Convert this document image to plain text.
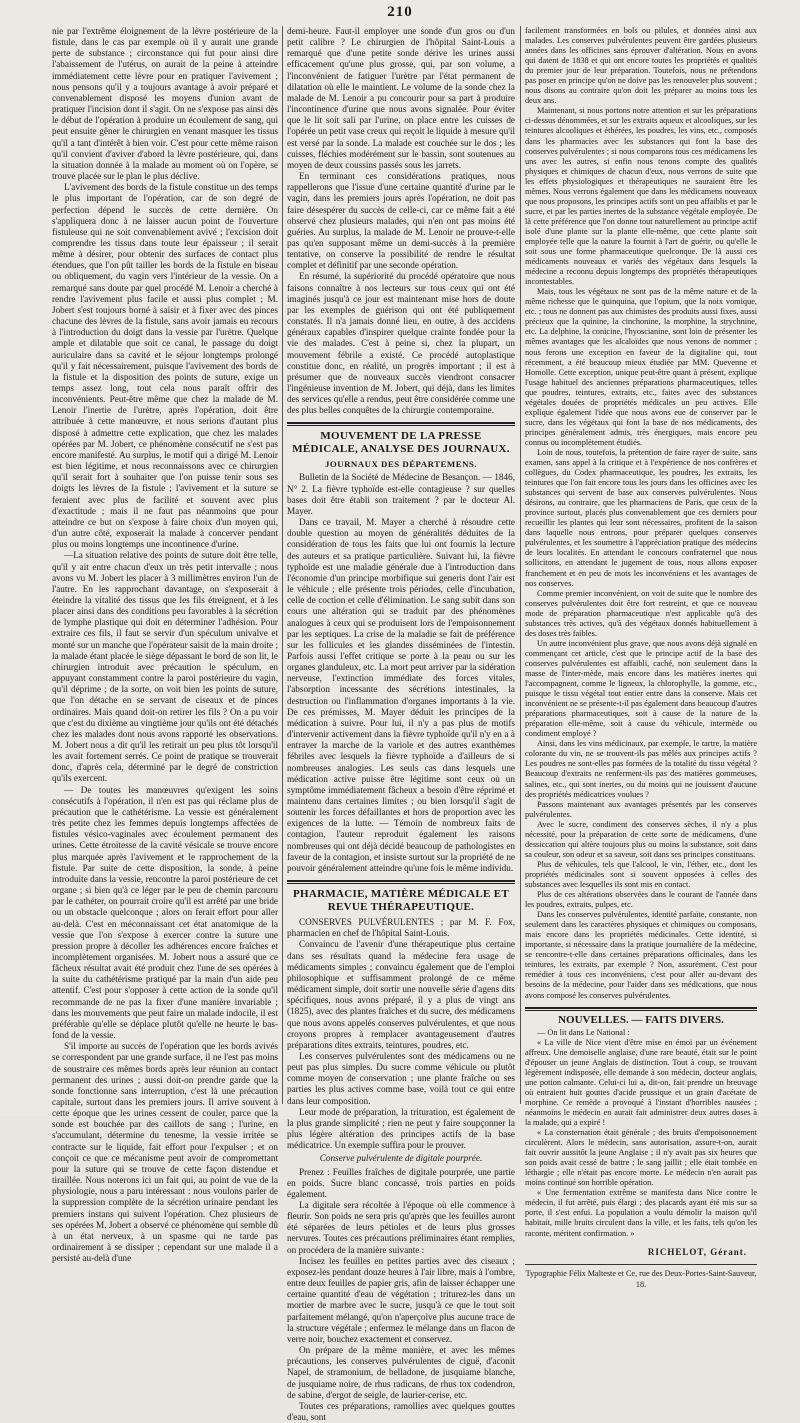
210

nie par l'extrême éloignement de la lèvre postérieure de la fistule, dans le cas par exemple où il y aurait une grande perte de substance ; circonstance qui fut pour ainsi dire l'abaissement de l'utérus, on aurait de la peine à atteindre immédiatement cette lèvre pour en pratiquer l'avivement ; nous pensons qu'il y a toujours avantage à avoir préparé et convenablement disposé les moyens d'union avant de pratiquer l'incision dont il s'agit. On ne s'expose pas ainsi dès le début de l'opération à produire un écoulement de sang, qui peut ensuite gêner le chirurgien en venant masquer les tissus qu'il a tant d'intérêt à bien voir. C'est pour cette même raison qu'il convient d'aviver d'abord la lèvre postérieure, qui, dans la situation donnée à la malade au moment où on l'opère, se trouve placée sur le plan le plus déclive.

L'avivement des bords de la fistule constitue un des temps le plus important de l'opération, car de son degré de perfection dépend le succès de cette dernière. On s'appliquera donc à ne laisser aucun point de l'ouverture fistuleuse qui ne soit convenablement avivé ; l'excision doit comprendre les tissus dans toute leur épaisseur ; il serait même à désirer, pour obtenir des surfaces de contact plus étendues, que l'on pût tailler les bords de la fistule en biseau ou obliquement, du vagin vers l'intérieur de la vessie. On a remarqué sans doute par quel procédé M. Lenoir a cherché à rendre l'avivement plus facile et aussi plus complet ; M. Jobert s'est toujours borné à saisir et à fixer avec des pinces chacune des lèvres de la fistule, sans avoir jamais eu recours à l'introduction du doigt dans la vessie par l'urètre. Quelque ample et dilatable que soit ce canal, le passage du doigt auriculaire dans sa cavité et le séjour longtemps prolongé qu'il y fait nécessairement, puisque l'avivement des bords de la fistule et la disposition des points de suture, exige un temps assez long, tout cela nous paraît offrir des inconvénients. Peut-être même que chez la malade de M. Lenoir l'inertie de l'urètre, après l'opération, doit être attribuée à cette manœuvre, et nous serions d'autant plus disposé à admettre cette explication, que chez les malades opérées par M. Jobert, ce phénomène consécutif ne s'est pas encore manifesté. Au surplus, le motif qui a dirigé M. Lenoir est bien légitime, et nous reconnaissons avec ce chirurgien qu'il serait fort à souhaiter que l'on puisse tenir sous ses doigts les lèvres de la fistule ; l'avivement et la suture se feraient avec plus de facilité et souvent avec plus d'exactitude ; mais il ne faut pas néanmoins que pour atteindre ce but on s'expose à faire choix d'un moyen qui, d'un autre côté, exposerait la malade à concerver pendant plus ou moins longtemps une incontinence d'urine.

—La situation relative des points de suture doit être telle, qu'il y ait entre chacun d'eux un très petit intervalle ; nous avons vu M. Jobert les placer à 3 millimètres environ l'un de l'autre. En les rapprochant davantage, on s'exposerait à éteindre la vitalité des tissus que les fils étreignent, et à les placer ainsi dans des conditions peu favorables à la sécrétion de lymphe plastique qui doit en déterminer l'adhésion. Pour extraire ces fils, il faut se servir d'un spéculum univalve et monté sur un manche que l'opérateur saisit de la main droite ; la malade étant placée le siège dépassant le bord de son lit, le chirurgien introduit avec précaution le spéculum, en appuyant constamment contre la paroi postérieure du vagin, qu'il déprime ; de la sorte, on voit bien les points de suture, que l'on détache en se servant de ciseaux et de pinces ordinaires. Mais quand doit-on retirer les fils ? On a pu voir que c'est du dixième au vingtième jour qu'ils ont été détachés chez les malades dont nous avons rapporté les observations. M. Jobert nous a dit qu'il les retirait un peu plus tôt lorsqu'il les avait fortement serrés. Ce point de pratique se trouverait donc, d'après cela, déterminé par le degré de constriction qu'ils exercent.

— De toutes les manœuvres qu'exigent les soins consécutifs à l'opération, il n'en est pas qui réclame plus de précaution que le cathétérisme. La vessie est généralement très petite chez les femmes depuis longtemps affectées de fistules vésico-vaginales avec écoulement permanent des urines. Cette étroitesse de la cavité vésicale se trouve encore plus marquée après l'avivement et le rapprochement de la fistule. Par suite de cette disposition, la sonde, à peine introduite dans la vessie, rencontre la paroi postérieure de cet organe ; si bien qu'à ce léger par le peu de chemin parcouru par le cathéter, on pourrait croire qu'il est arrêté par une bride ou un obstacle quelconque ; alors on ferait effort pour aller au-delà. C'est en méconnaissant cet état anatomique de la vessie que l'on s'expose à exercer contre la suture une pression propre à décoller les adhérences encore fraîches et incomplètement organisées. M. Jobert nous a assuré que ce fâcheux résultat avait été produit chez l'une de ses opérées à la suite du cathétérisme pratiqué par la main d'un aide peu attentif. C'est pour s'opposer à cette action de la sonde qu'il recommande de ne pas la fixer d'une manière invariable ; dans les mouvements que peut faire un malade indocile, il est préférable qu'elle se déplace plutôt qu'elle ne heurte le bas-fond de la vessie.

S'il importe au succès de l'opération que les bords avivés se correspondent par une grande surface, il ne l'est pas moins de soustraire ces mêmes bords après leur réunion au contact permanent des urines ; aussi doit-on prendre garde que la sonde fonctionne sans interruption, c'est là une précaution capitale, surtout dans les premiers jours. Il arrive souvent à cette époque que les urines cessent de couler, parce que la sonde est bouchée par des caillots de sang ; l'urine, en s'accumulant, détermine du tenesme, la vessie irritée se contracte sur le liquide, fait effort pour l'expulser ; et on conçoit ce que ce mécanisme peut avoir de compromettant pour la suture qui se trouve de cette façon distendue et tiraillée. Nous noterons ici un fait qui, au point de vue de la physiologie, nous a paru intéressant : nous voulons parler de la suppression complète de la sécrétion urinaire pendant les premiers instans qui suivent l'opération. Chez plusieurs de ses opérées M. Jobert a observé ce phénomène qui semble dû à un état nerveux, à un spasme qui ne tarde pas ordinairement à se dissiper ; cependant sur une malade il a persisté au-delà d'une

demi-heure. Faut-il employer une sonde d'un gros ou d'un petit calibre ? Le chirurgien de l'hôpital Saint-Louis a remarqué que d'une petite sonde dérive les urines aussi efficacement qu'une plus grosse, qui, par son volume, a l'inconvénient de fatiguer l'urètre par l'état permanent de dilatation où elle le maintient. Le volume de la sonde chez la malade de M. Lenoir a pu concourir pour sa part à produire l'incontinence d'urine que nous avons signalée. Pour éviter que le lit soit sali par l'urine, on place entre les cuisses de l'opérée un petit vase creux qui reçoit le liquide à mesure qu'il est versé par la sonde. La malade est couchée sur le dos ; les cuisses, fléchies modérément sur le bassin, sont soutenues au moyen de deux coussins passés sous les jarrets.

En terminant ces considérations pratiques, nous rappellerons que l'issue d'une certaine quantité d'urine par le vagin, dans les premiers jours après l'opération, ne doit pas faire désespérer du succès de celle-ci, car ce même fait a été observé chez plusieurs malades, qui n'en ont pas moins été guéries. Au surplus, la malade de M. Lenoir ne prouve-t-elle pas qu'en supposant même un demi-succès à la première tentative, on conserve la possibilité de rendre le résultat complet et définitif par une seconde opération.

En résumé, la supériorité du procédé opératoire que nous faisons connaître à nos lecteurs sur tous ceux qui ont été imaginés jusqu'à ce jour est maintenant mise hors de doute par les exemples de guérison qui ont été publiquement constatés. Il n'a jamais donné lieu, en outre, à des accidens généraux capables d'inspirer quelque crainte fondée pour la vie des malades. C'est à peine si, chez la plupart, un mouvement fébrile a existé. Ce procédé autoplastique constitue donc, en réalité, un progrès important ; il est à présumer que de nouveaux succès viendront consacrer l'ingénieuse invention de M. Jobert, qui déjà, dans les limites des services qu'elle a rendus, peut être considérée comme une des plus belles conquêtes de la chirurgie contemporaine.

MOUVEMENT DE LA PRESSE MÉDICALE, ANALYSE DES JOURNAUX.
JOURNAUX DES DÉPARTEMENS.

Bulletin de la Société de Médecine de Besançon. — 1846, N° 2. La fièvre typhoïde est-elle contagieuse ? sur quelles bases doit être établi son traitement ? par le docteur Al. Mayer.

Dans ce travail, M. Mayer a cherché à résoudre cette double question au moyen de généralités déduites de la considération de tous les faits que lui ont fournis la lecture des auteurs et sa pratique particulière. Suivant lui, la fièvre typhoïde est une maladie générale due à l'introduction dans l'économie d'un principe morbifique sui generis dont l'air est le véhicule ; elle présente trois périodes, celle d'incubation, celle de coction et celle d'élimination. Le sang subit dans son cours une altération qui se traduit par des phénomènes analogues à ceux qui se produisent lors de l'empoisonnement par les septiques. La crise de la maladie se fait de préférence sur les follicules et les glandes disséminées de l'intestin. Parfois aussi l'effet critique se porte à la peau ou sur les organes glanduleux, etc. La mort peut arriver par la sidération nerveuse, l'extinction immédiate des forces vitales, l'absorption incessante des sécrétions intestinales, la destruction ou l'inflammation d'organes importants à la vie. De ces prémisses, M. Mayer déduit les principes de la médication à suivre. Pour lui, il n'y a pas plus de motifs d'intervenir activement dans la fièvre typhoïde qu'il n'y en a à entraver la marche de la variole et des autres exanthèmes fébriles avec lesquels la fièvre typhoïde a d'ailleurs de si nombreuses analogies. Les seuls cas dans lesquels une médication active puisse être légitime sont ceux où un symptôme immédiatement fâcheux a besoin d'être réprimé et maintenu dans certaines limites ; ou bien lorsqu'il s'agit de soutenir les forces défaillantes et hors de proportion avec les exigences de la lutte. — Témoin de nombreux faits de contagion, l'auteur reproduit également les raisons nombreuses qui ont déjà décidé beaucoup de pathologistes en faveur de la contagion, et insiste surtout sur la propriété de ne pouvoir généralement atteindre qu'une fois le même individu.

PHARMACIE, MATIÈRE MÉDICALE ET REVUE THÉRAPEUTIQUE.

CONSERVES PULVÉRULENTES ; par M. F. Fox, pharmacien en chef de l'hôpital Saint-Louis.

Convaincu de l'avenir d'une thérapeutique plus certaine dans ses résultats quand la médecine fera usage de médicaments simples ; convaincu également que de l'emploi philosophique et suffisamment prolongé de ce même médicament simple, doit sortir une nouvelle série d'agens dits spécifiques, nous avons préparé, il y a plus de vingt ans (1825), avec des plantes fraîches et du sucre, des médicamens que nous avons appelés conserves pulvérulentes, et que nous croyons propres à remplacer avantageusement d'autres préparations dites extraits, teintures, poudres, etc.

Les conserves pulvérulentes sont des médicamens ou ne peut pas plus simples. Du sucre comme véhicule ou plutôt comme moyen de conservation ; une plante fraîche ou ses parties les plus actives comme base, voilà tout ce qui entre dans leur composition.

Leur mode de préparation, la trituration, est également de la plus grande simplicité ; rien ne peut y faire soupçonner la plus légère altération des principes actifs de la base médicatrice. Un exemple suffira pour le prouver.

Conserve pulvérulente de digitale pourprée.

Prenez : Feuilles fraîches de digitale pourprée, une partie en poids. Sucre blanc concassé, trois parties en poids également.

La digitale sera récoltée à l'époque où elle commence à fleurir. Son poids ne sera pris qu'après que les feuilles auront été séparées de leurs pétioles et de leurs plus grosses nervures. Toutes ces précautions préliminaires étant remplies, on procédera de la manière suivante :

Incisez les feuilles en petites parties avec des ciseaux ; exposez-les pendant douze heures à l'air libre, mais à l'ombre, entre deux feuilles de papier gris, afin de laisser échapper une certaine quantité d'eau de végétation ; triturez-les dans un mortier de marbre avec le sucre, jusqu'à ce que le tout soit parfaitement mélangé, qu'on n'aperçoive plus aucune trace de la structure végétale ; enfermez le mélange dans un flacon de verre noir, bouchez exactement et conservez.

On prépare de la même manière, et avec les mêmes précautions, les conserves pulvérulentes de ciguë, d'aconit Napel, de stramonium, de belladone, de jusquiame blanche, de jusquiame noire, de rhus radicans, de rhus tox codendron, de sabine, d'ergot de seigle, de laurier-cerise, etc.

Toutes ces préparations, ramollies avec quelques gouttes d'eau, sont

facilement transformées en bols ou pilules, et données ainsi aux malades. Les conserves pulvérulentes peuvent être gardées plusieurs années dans les officines sans éprouver d'altération. Nous en avons qui datent de 1838 et qui ont encore toutes les propriétés et qualités du premier jour de leur préparation. Toutefois, nous ne prétendons pas poser en principe qu'on ne doive pas les renouveler plus souvent ; nous disons au contraire qu'on doit les préparer au moins tous les deux ans.

Maintenant, si nous portons notre attention et sur les préparations ci-dessus dénommées, et sur les extraits aqueux et alcooliques, sur les teintures alcooliques et éthérées, les poudres, les vins, etc., composés dans les pharmacies avec les substances qui font la base des conserves pulvérulentes ; si nous comparons tous ces médicamens les uns avec les autres, si enfin nous tenons compte des qualités physiques et chimiques de chacun d'eux, nous verrons de suite que les effets physiologiques et thérapeutiques ne sauraient être les mêmes. Nous verrons également que dans les médicamens nouveaux que nous proposons, les principes actifs sont un peu affaiblis et par le sucre, et par les parties inertes de la substance végétale employée. De là cette préférence que l'on donne tout naturellement au principe actif isolé d'une plante sur la plante elle-même, que cette plante soit employée telle que la nature la fournit à l'art de guérir, ou qu'elle le soit sous une forme pharmaceutique quelconque. De là aussi ces médicaments nouveaux et variés des végétaux dans lesquels la médecine a reconnu depuis longtemps des propriétés thérapeutiques incontestables.

Mais, tous les végétaux ne sont pas de la même nature et de la même richesse que le quinquina, que l'opium, que la noix vomique, etc. ; tous ne donnent pas aux chimistes des produits aussi fixes, aussi précieux que la quinine, la cinchonine, la morphine, la strychnine, etc. La delphine, la conicine, l'hyoscianine, sont loin de présenter les mêmes avantages que les alcaloïdes que nous venons de nommer ; nous ferons une exception en faveur de la digitaline qui, tout récemment, a été beaucoup mieux étudiée par MM. Quevenne et Homolle. Cette exception, unique peut-être quant à présent, explique l'usage habituel des anciennes préparations pharmaceutiques, telles que poudres, teintures, extraits, etc., faites avec des substances végétales douées de propriétés médicales un peu actives. Elle explique également l'idée que nous avons eue de conserver par le sucre, dans les végétaux qui font la base de nos médicaments, des principes généralement admis, très énergiques, mais encore peu connus ou incomplètement étudiés.

Loin de nous, toutefois, la prétention de faire rayer de suite, sans examen, sans appel à la critique et à l'expérience de nos confrères et collègues, du Codex pharmaceutique, les poudres, les extraits, les teintures que l'on fait encore tous les jours dans les officines avec les substances qui servent de base aux conserves pulvérulentes. Nous désirons, au contraire, que les pharmaciens de Paris, que ceux de la province surtout, placés plus convenablement que ces derniers pour recueillir les plantes qui leur sont nécessaires, profitent de la saison dans laquelle nous entrons, pour préparer quelques conserves pulvérulentes, et les soumettre à l'appréciation pratique des médecins de leurs localités. En attendant le concours confraternel que nous sollicitons, en attendant le jugement de tous, nous allons exposer franchement et en peu de mots les inconvéniens et les avantages de nos conserves.

Comme premier inconvénient, on voit de suite que le nombre des conserves pulvérulentes doit être fort restreint, et que ce nouveau mode de préparation pharmaceutique n'est applicable qu'à des substances très actives, qu'à des végétaux donnés habituellement à des doses très faibles.

Un autre inconvénient plus grave, que nous avons déjà signalé en commençant cet article, c'est que le principe actif de la base des conserves pulvérulentes est affaibli, caché, non seulement dans la masse de l'inter-mède, mais encore dans les matières inertes qui l'accompagnent, comme le ligneux, la chlorophylle, la gomme, etc., puisque le tissu végétal tout entier entre dans la conserve. Mais cet inconvénient ne se présente-t-il pas également dans beaucoup d'autres préparations pharmaceutiques, soit à cause de la nature de la préparation elle-même, soit à cause du véhicule, intermède ou condiment employé ?

Ainsi, dans les vins médicinaux, par exemple, le tartre, la matière colorante du vin, ne se trouvent-ils pas mêlés aux principes actifs ? Les poudres ne sont-elles pas formées de la totalité du tissu végétal ? Beaucoup d'extraits ne renferment-ils pas des matières gommeuses, salines, etc., qui sont inertes, ou du moins qui ne jouissent d'aucune des propriétés médicatrices voulues ?

Passons maintenant aux avantages présentés par les conserves pulvérulentes.

Avec le sucre, condiment des conserves sèches, il n'y a plus nécessité, pour la préparation de cette sorte de médicamens, d'une dessiccation qui altère toujours plus ou moins la substance, soit dans sa couleur, son odeur et sa saveur, soit dans ses principes constituans.

Plus de véhicules, tels que l'alcool, le vin, l'éther, etc., dont les propriétés médicinales sont si souvent opposées à celles des substances avec lesquelles ils sont mis en contact.

Plus de ces altérations observées dans le courant de l'année dans les poudres, extraits, pulpes, etc.

Dans les conserves pulvérulentes, identité parfaite, constante, non seulement dans les caractères physiques et chimiques ou composans, mais encore dans les propriétés médicinales. Cette identité, si importante, si nécessaire dans la pratique journalière de la médecine, se rencontre-t-elle dans certaines préparations officinales, dans les teintures, les extraits, par exemple ? Non, assurément. C'est pour remédier à tous ces inconvéniens, c'est pour aller au-devant des besoins de la médecine, pour l'aider dans ses médications, que nous avons composé les conserves pulvérulentes.

NOUVELLES. — FAITS DIVERS.

— On lit dans Le National :

« La ville de Nice vient d'être mise en émoi par un événement affreux. Une demoiselle anglaise, d'une rare beauté, était sur le point d'épouser un jeune Anglais de distinction. Tout à coup, se trouvant légèrement indisposée, elle demande à son médecin, docteur anglais, une potion calmante. Celui-ci lui a, dit-on, fait prendre un breuvage où entraient huit gouttes d'acide prussique et un grain d'acétate de morphine. Ce remède a provoqué à l'instant d'horribles nausées ; néanmoins le médecin en aurait fait administrer deux autres doses à la malade, qui a expiré !

« La consternation était générale ; des bruits d'empoisonnement circulèrent. Alors le médecin, sans autorisation, assure-t-on, aurait fait ouvrir aussitôt la jeune Anglaise ; il n'y avait pas six heures que son poids avait cessé de battre ; le sang jaillit ; elle était tombée en léthargie ; elle n'était pas encore morte. Le médecin n'en aurait pas moins continué son horrible opération.

« Une fermentation extrême se manifesta dans Nice contre le médecin, il fut arrêté, puis élargi ; des placards ayant été mis sur sa porte, il s'est enfui. La population a voulu démolir la maison qu'il habitait, mille bruits circulent dans la ville, et les faits, tels qu'on les raconte, méritent confirmation. »

RICHELOT, Gérant.
Typographie Félix Malteste et Ce, rue des Deux-Portes-Saint-Sauveur, 18.
